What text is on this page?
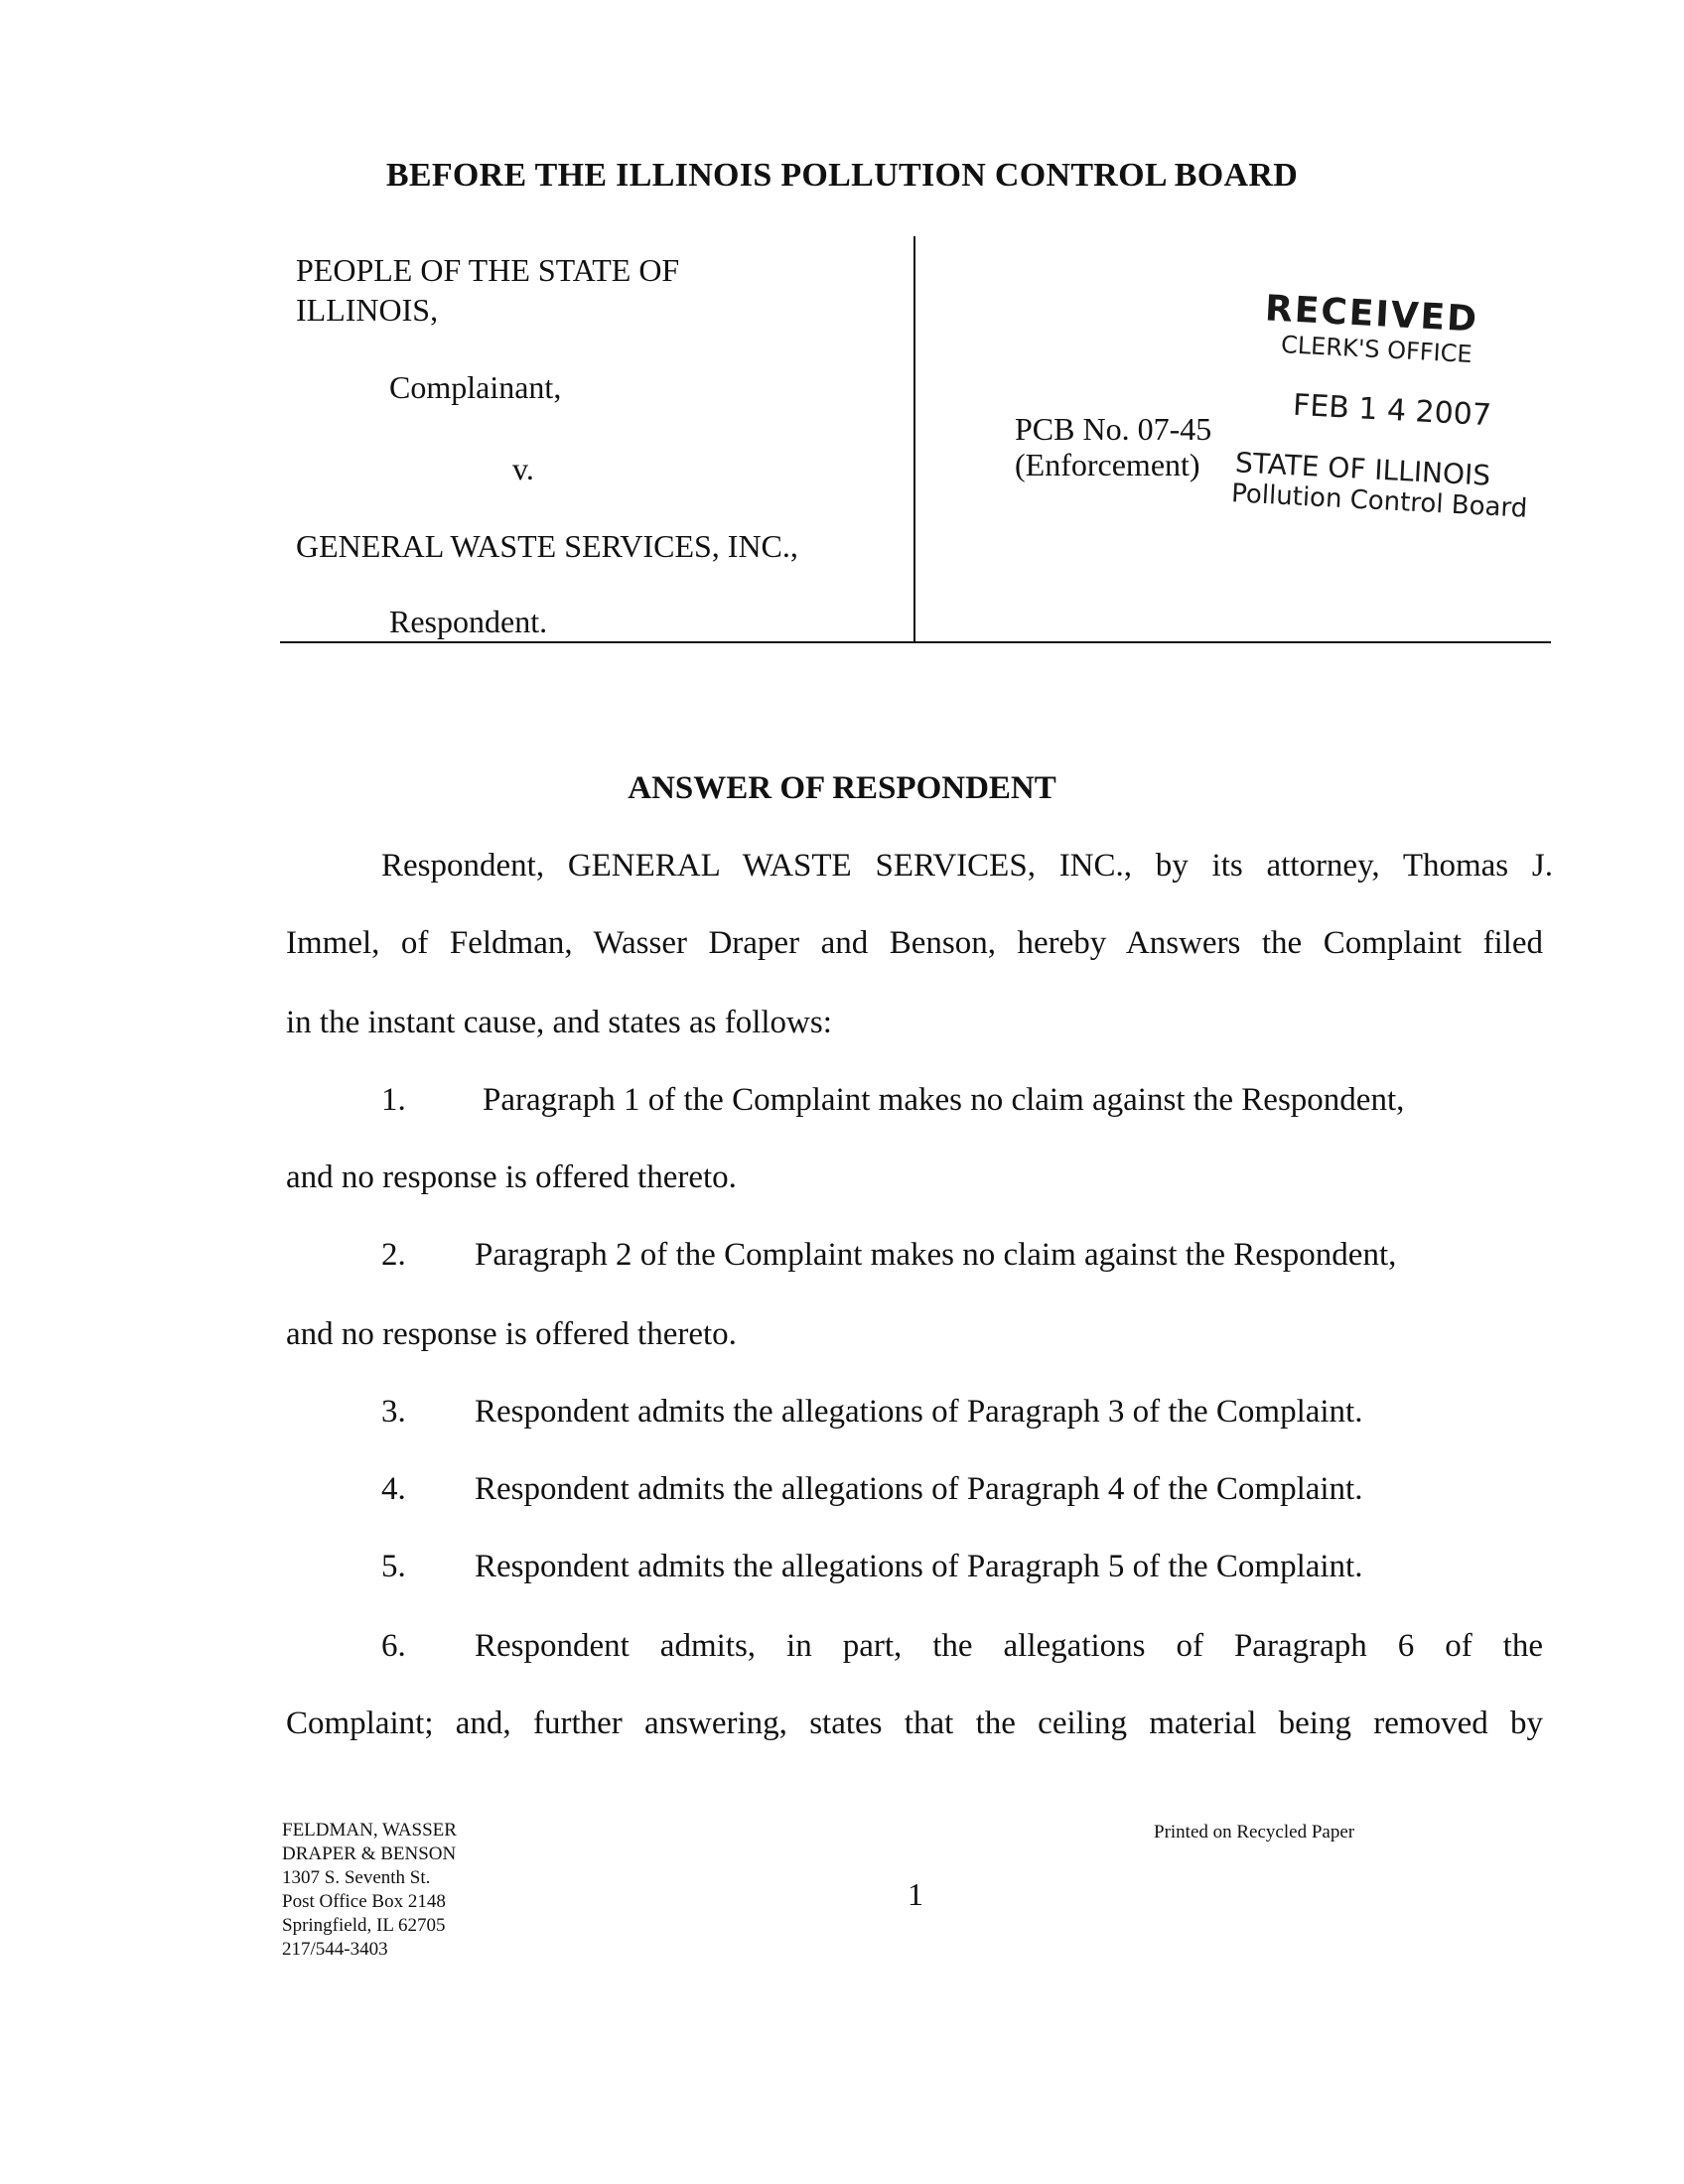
BEFORE THE ILLINOIS POLLUTION CONTROL BOARD
PEOPLE OF THE STATE OF
ILLINOIS,
Complainant,
v.
GENERAL WASTE SERVICES, INC.,
Respondent.
PCB No. 07-45
(Enforcement)
RECEIVED
CLERK'S OFFICE
FEB 1 4 2007
STATE OF ILLINOIS
Pollution Control Board
ANSWER OF RESPONDENT
Respondent, GENERAL WASTE SERVICES, INC., by its attorney, Thomas J.
Immel, of Feldman, Wasser Draper and Benson, hereby Answers the Complaint filed
in the instant cause, and states as follows:
1. Paragraph 1 of the Complaint makes no claim against the Respondent,
and no response is offered thereto.
2. Paragraph 2 of the Complaint makes no claim against the Respondent,
and no response is offered thereto.
3. Respondent admits the allegations of Paragraph 3 of the Complaint.
4. Respondent admits the allegations of Paragraph 4 of the Complaint.
5. Respondent admits the allegations of Paragraph 5 of the Complaint.
6. Respondent admits, in part, the allegations of Paragraph 6 of the
Complaint; and, further answering, states that the ceiling material being removed by
FELDMAN, WASSER
DRAPER & BENSON
1307 S. Seventh St.
Post Office Box 2148
Springfield, IL 62705
217/544-3403
1
Printed on Recycled Paper
